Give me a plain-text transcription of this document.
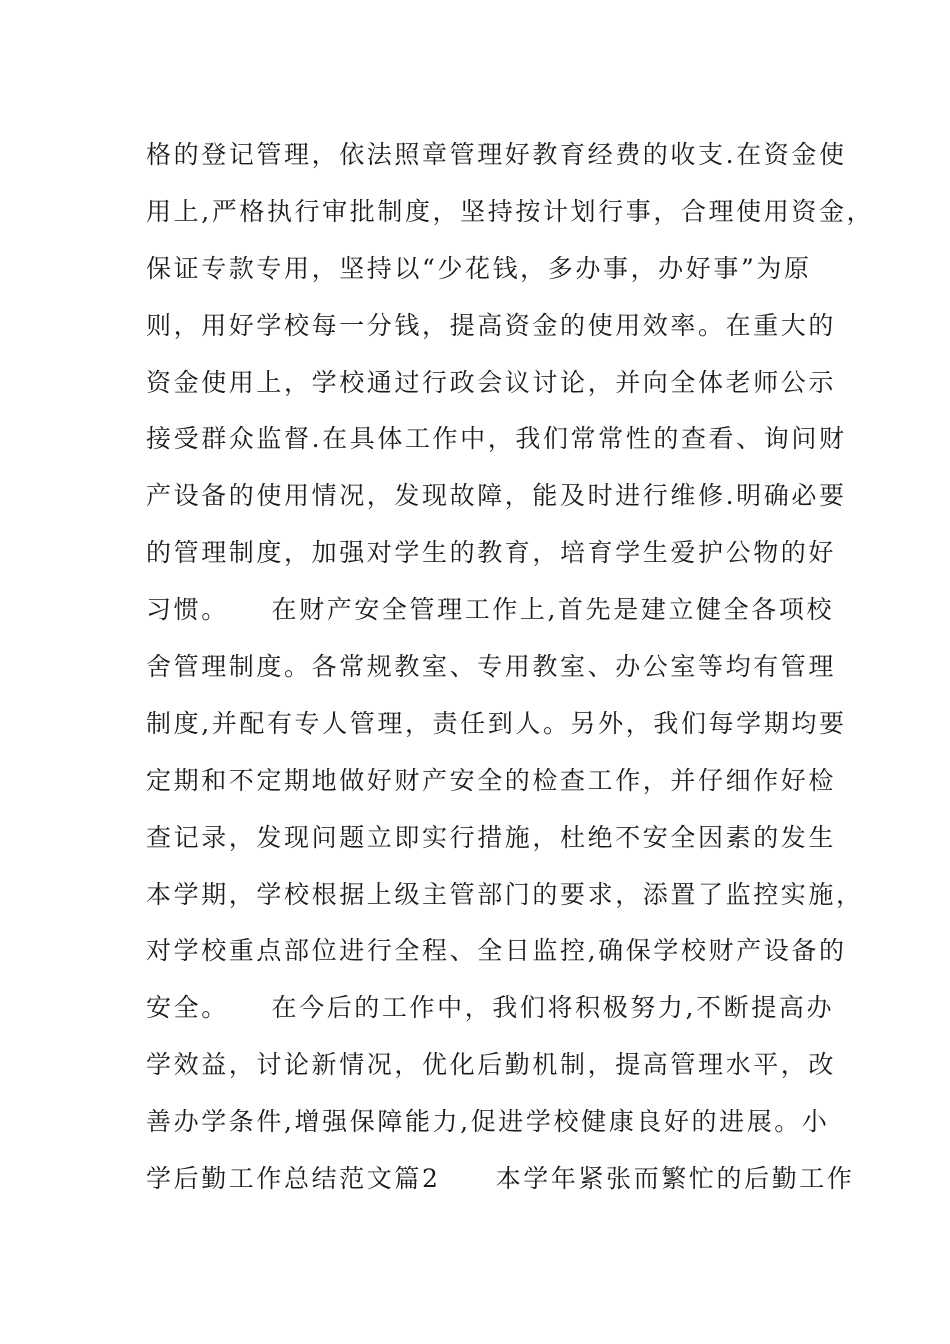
格的登记管理，依法照章管理好教育经费的收支.在资金使
用上,严格执行审批制度，坚持按计划行事，合理使用资金，
保证专款专用，坚持以“少花钱，多办事，办好事”为原
则，用好学校每一分钱，提高资金的使用效率。在重大的
资金使用上，学校通过行政会议讨论，并向全体老师公示
接受群众监督.在具体工作中，我们常常性的查看、询问财
产设备的使用情况，发现故障，能及时进行维修.明确必要
的管理制度，加强对学生的教育，培育学生爱护公物的好
习惯。　　在财产安全管理工作上,首先是建立健全各项校
舍管理制度。各常规教室、专用教室、办公室等均有管理
制度,并配有专人管理，责任到人。另外，我们每学期均要
定期和不定期地做好财产安全的检查工作，并仔细作好检
查记录，发现问题立即实行措施，杜绝不安全因素的发生
本学期，学校根据上级主管部门的要求，添置了监控实施，
对学校重点部位进行全程、全日监控,确保学校财产设备的
安全。　　在今后的工作中，我们将积极努力,不断提高办
学效益，讨论新情况，优化后勤机制，提高管理水平，改
善办学条件,增强保障能力,促进学校健康良好的进展。小
学后勤工作总结范文篇2　　本学年紧张而繁忙的后勤工作
